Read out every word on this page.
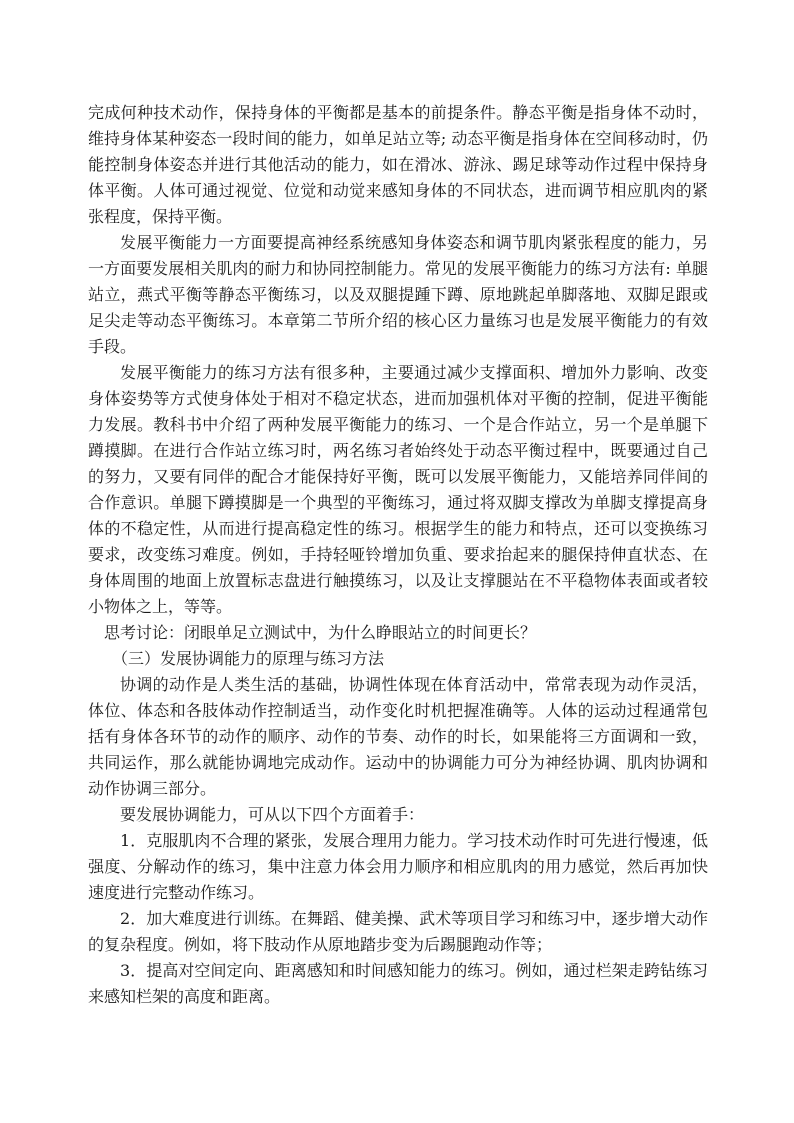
完成何种技术动作，保持身体的平衡都是基本的前提条件。静态平衡是指身体不动时，维持身体某种姿态一段时间的能力，如单足站立等; 动态平衡是指身体在空间移动时，仍能控制身体姿态并进行其他活动的能力，如在滑冰、游泳、踢足球等动作过程中保持身体平衡。人体可通过视觉、位觉和动觉来感知身体的不同状态，进而调节相应肌肉的紧张程度，保持平衡。

发展平衡能力一方面要提高神经系统感知身体姿态和调节肌肉紧张程度的能力，另一方面要发展相关肌肉的耐力和协同控制能力。常见的发展平衡能力的练习方法有: 单腿站立，燕式平衡等静态平衡练习，以及双腿提踵下蹲、原地跳起单脚落地、双脚足跟或足尖走等动态平衡练习。本章第二节所介绍的核心区力量练习也是发展平衡能力的有效手段。

发展平衡能力的练习方法有很多种，主要通过减少支撑面积、增加外力影响、改变身体姿势等方式使身体处于相对不稳定状态，进而加强机体对平衡的控制，促进平衡能力发展。教科书中介绍了两种发展平衡能力的练习、一个是合作站立，另一个是单腿下蹲摸脚。在进行合作站立练习时，两名练习者始终处于动态平衡过程中，既要通过自己的努力，又要有同伴的配合才能保持好平衡，既可以发展平衡能力，又能培养同伴间的合作意识。单腿下蹲摸脚是一个典型的平衡练习，通过将双脚支撑改为单脚支撑提高身体的不稳定性，从而进行提高稳定性的练习。根据学生的能力和特点，还可以变换练习要求，改变练习难度。例如，手持轻哑铃增加负重、要求抬起来的腿保持伸直状态、在身体周围的地面上放置标志盘进行触摸练习，以及让支撑腿站在不平稳物体表面或者较小物体之上，等等。

思考讨论：闭眼单足立测试中，为什么睁眼站立的时间更长？

（三）发展协调能力的原理与练习方法

协调的动作是人类生活的基础，协调性体现在体育活动中，常常表现为动作灵活，体位、体态和各肢体动作控制适当，动作变化时机把握准确等。人体的运动过程通常包括有身体各环节的动作的顺序、动作的节奏、动作的时长，如果能将三方面调和一致，共同运作，那么就能协调地完成动作。运动中的协调能力可分为神经协调、肌肉协调和动作协调三部分。

要发展协调能力，可从以下四个方面着手：

1．克服肌肉不合理的紧张，发展合理用力能力。学习技术动作时可先进行慢速，低强度、分解动作的练习，集中注意力体会用力顺序和相应肌肉的用力感觉，然后再加快速度进行完整动作练习。

2．加大难度进行训练。在舞蹈、健美操、武术等项目学习和练习中，逐步增大动作的复杂程度。例如，将下肢动作从原地踏步变为后踢腿跑动作等；

3．提高对空间定向、距离感知和时间感知能力的练习。例如，通过栏架走跨钻练习来感知栏架的高度和距离。
